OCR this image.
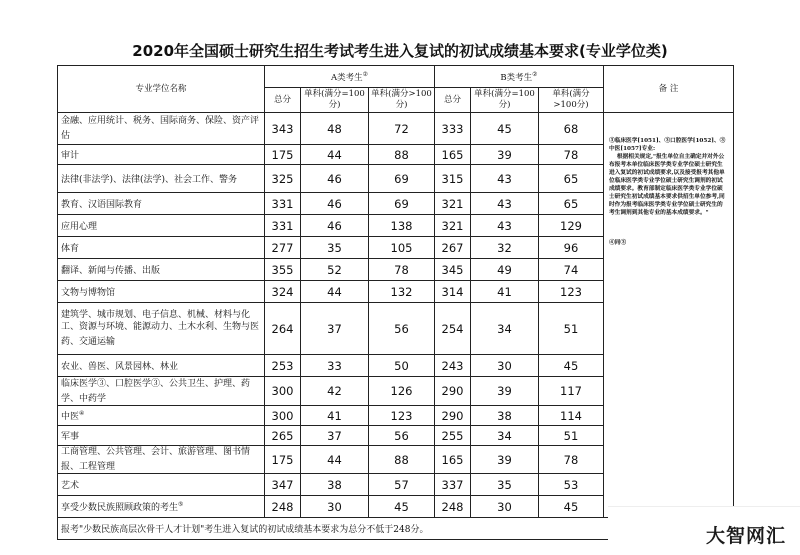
2020年全国硕士研究生招生考试考生进入复试的初试成绩基本要求(专业学位类)
专业学位名称	A类考生②			B类考生②			备 注
	总分	单科(满分=100分)	单科(满分>100分)	总分	单科(满分=100分)	单科(满分>100分)	
金融、应用统计、税务、国际商务、保险、资产评估	343	48	72	333	45	68	③临床医学[1051]、③口腔医学[1052]、③中医[1057]专业:
根据相关规定,"报生单位自主确定并对外公布报考本单位临床医学类专业学位硕士研究生进入复试的初试成绩要求,以及接受报考其他单位临床医学类专业学位硕士研究生调剂的初试成绩要求。教育部制定临床医学类专业学位硕士研究生初试成绩基本要求供招生单位参考,同时作为报考临床医学类专业学位硕士研究生的考生调剂到其他专业的基本成绩要求。"

④同③

审计	175	44	88	165	39	78	
法律(非法学)、法律(法学)、社会工作、警务	325	46	69	315	43	65	
教育、汉语国际教育	331	46	69	321	43	65	
应用心理	331	46	138	321	43	129	
体育	277	35	105	267	32	96	
翻译、新闻与传播、出版	355	52	78	345	49	74	
文物与博物馆	324	44	132	314	41	123	
建筑学、城市规划、电子信息、机械、材料与化工、资源与环境、能源动力、土木水利、生物与医药、交通运输	264	37	56	254	34	51	
农业、兽医、风景园林、林业	253	33	50	243	30	45	
临床医学③、口腔医学③、公共卫生、护理、药学、中药学	300	42	126	290	39	117	
中医④	300	41	123	290	38	114	
军事	265	37	56	255	34	51	
工商管理、公共管理、会计、旅游管理、图书情报、工程管理	175	44	88	165	39	78	
艺术	347	38	57	337	35	53	
享受少数民族照顾政策的考生⑤	248	30	45	248	30	45	
报考"少数民族高层次骨干人才计划"考生进入复试的初试成绩基本要求为总分不低于248分。								大智网汇
